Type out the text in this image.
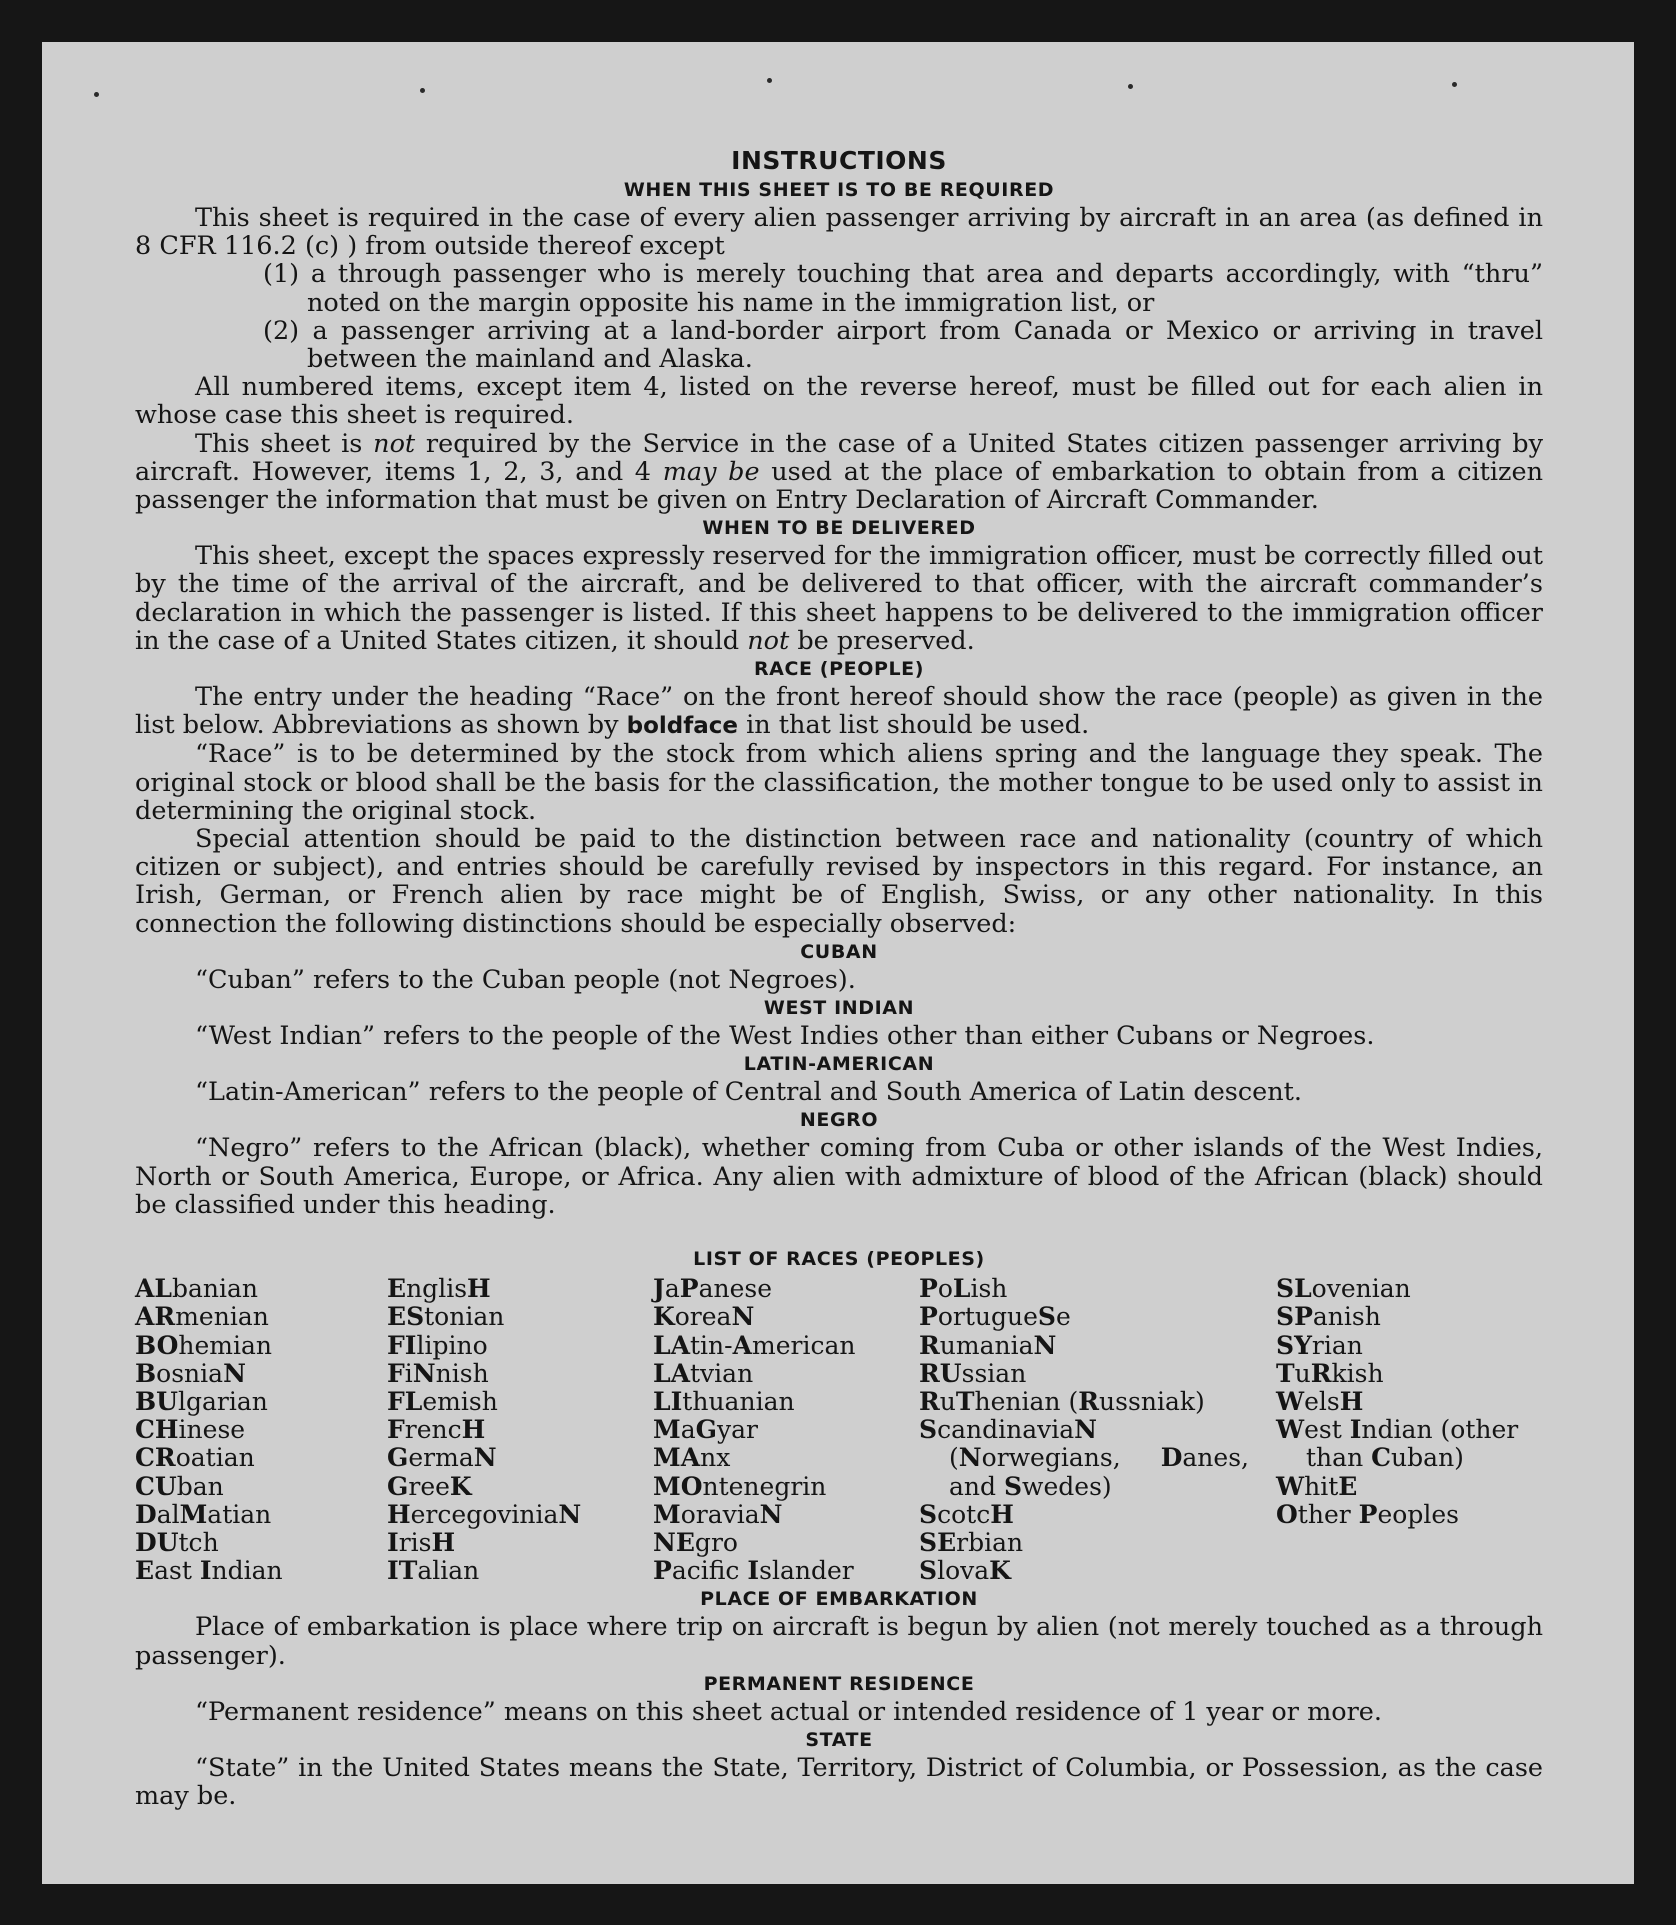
INSTRUCTIONS
WHEN THIS SHEET IS TO BE REQUIRED

This sheet is required in the case of every alien passenger arriving by aircraft in an area (as defined in 8 CFR 116.2 (c) ) from outside thereof except

(1) a through passenger who is merely touching that area and departs accordingly, with “thru” noted on the margin opposite his name in the immigration list, or

(2) a passenger arriving at a land-border airport from Canada or Mexico or arriving in travel between the mainland and Alaska.

All numbered items, except item 4, listed on the reverse hereof, must be filled out for each alien in whose case this sheet is required.

This sheet is not required by the Service in the case of a United States citizen passenger arriving by aircraft. However, items 1, 2, 3, and 4 may be used at the place of embarkation to obtain from a citizen passenger the information that must be given on Entry Declaration of Aircraft Commander.

WHEN TO BE DELIVERED

This sheet, except the spaces expressly reserved for the immigration officer, must be correctly filled out by the time of the arrival of the aircraft, and be delivered to that officer, with the aircraft commander’s declaration in which the passenger is listed. If this sheet happens to be delivered to the immigration officer in the case of a United States citizen, it should not be preserved.

RACE (PEOPLE)

The entry under the heading “Race” on the front hereof should show the race (people) as given in the list below. Abbreviations as shown by boldface in that list should be used.

“Race” is to be determined by the stock from which aliens spring and the language they speak. The original stock or blood shall be the basis for the classification, the mother tongue to be used only to assist in determining the original stock.

Special attention should be paid to the distinction between race and nationality (country of which citizen or subject), and entries should be carefully revised by inspectors in this regard. For instance, an Irish, German, or French alien by race might be of English, Swiss, or any other nationality. In this connection the following distinctions should be especially observed:

CUBAN

“Cuban” refers to the Cuban people (not Negroes).

WEST INDIAN

“West Indian” refers to the people of the West Indies other than either Cubans or Negroes.

LATIN-AMERICAN

“Latin-American” refers to the people of Central and South America of Latin descent.

NEGRO

“Negro” refers to the African (black), whether coming from Cuba or other islands of the West Indies, North or South America, Europe, or Africa. Any alien with admixture of blood of the African (black) should be classified under this heading.

LIST OF RACES (PEOPLES)
ALbanian
ARmenian
BOhemian
BosniaN
BUlgarian
CHinese
CRoatian
CUban
DalMatian
DUtch
East Indian
EnglisH
EStonian
FIlipino
FiNnish
FLemish
FrencH
GermaN
GreeK
HercegoviniaN
IrisH
ITalian
JaPanese
KoreaN
LAtin-American
LAtvian
LIthuanian
MaGyar
MAnx
MOntenegrin
MoraviaN
NEgro
Pacifc Islander
PoLish
PortugueSe
RumaniaN
RUssian
RuThenian (Russniak)
ScandinaviaN (Norwegians, Danes, and Swedes)
ScotcH
SErbian
SlovaK
SLovenian
SPanish
SYrian
TuRkish
WelsH
West Indian (other than Cuban)
WhitE
Other Peoples
PLACE OF EMBARKATION

Place of embarkation is place where trip on aircraft is begun by alien (not merely touched as a through passenger).

PERMANENT RESIDENCE

“Permanent residence” means on this sheet actual or intended residence of 1 year or more.

STATE

“State” in the United States means the State, Territory, District of Columbia, or Possession, as the case may be.
